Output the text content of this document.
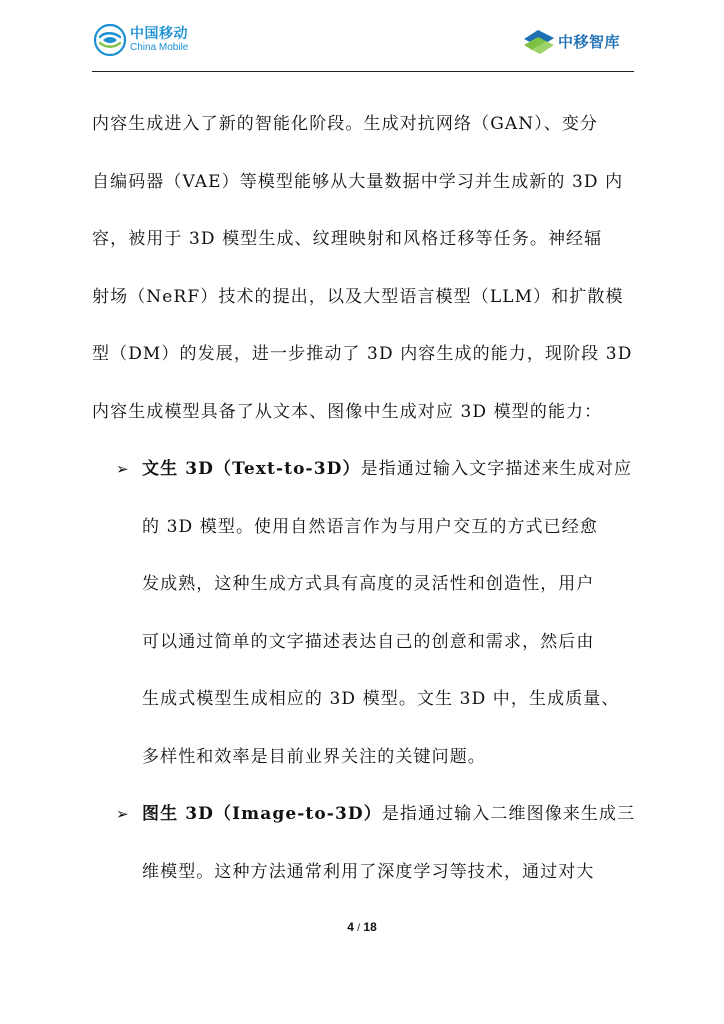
中国移动
China Mobile	中移智库

内容生成进入了新的智能化阶段。生成对抗网络（GAN）、变分
自编码器（VAE）等模型能够从大量数据中学习并生成新的 3D 内
容，被用于 3D 模型生成、纹理映射和风格迁移等任务。神经辐
射场（NeRF）技术的提出，以及大型语言模型（LLM）和扩散模
型（DM）的发展，进一步推动了 3D 内容生成的能力，现阶段 3D
内容生成模型具备了从文本、图像中生成对应 3D 模型的能力：

➢ 文生 3D（Text-to-3D）是指通过输入文字描述来生成对应
的 3D 模型。使用自然语言作为与用户交互的方式已经愈
发成熟，这种生成方式具有高度的灵活性和创造性，用户
可以通过简单的文字描述表达自己的创意和需求，然后由
生成式模型生成相应的 3D 模型。文生 3D 中，生成质量、
多样性和效率是目前业界关注的关键问题。
➢ 图生 3D（Image-to-3D）是指通过输入二维图像来生成三
维模型。这种方法通常利用了深度学习等技术，通过对大
4 / 18
